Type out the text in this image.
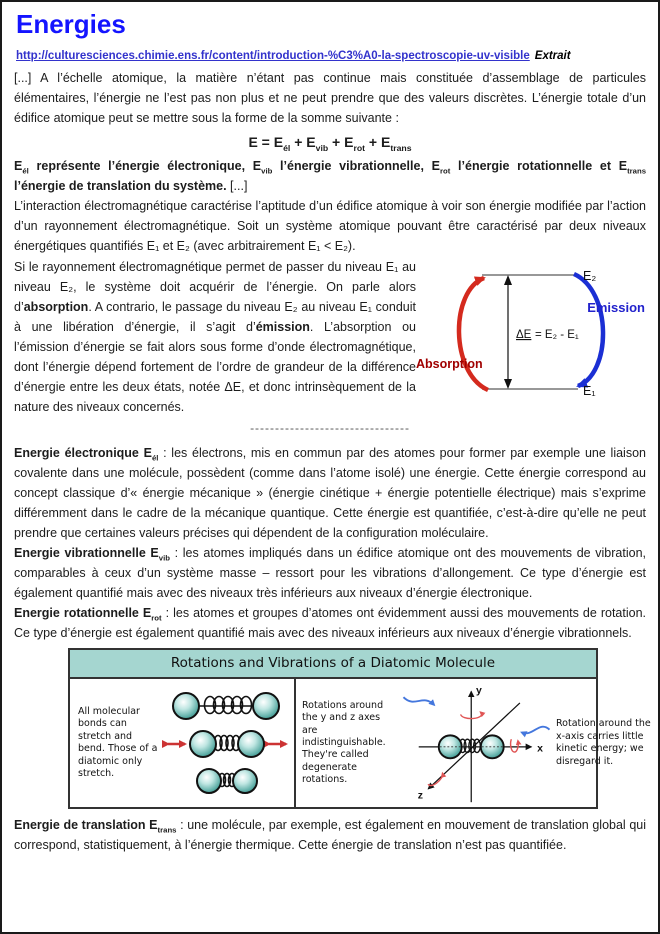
Energies
http://culturesciences.chimie.ens.fr/content/introduction-%C3%A0-la-spectroscopie-uv-visible Extrait

[...] A l’échelle atomique, la matière n’étant pas continue mais constituée d’assemblage de particules élémentaires, l’énergie ne l’est pas non plus et ne peut prendre que des valeurs discrètes. L’énergie totale d’un édifice atomique peut se mettre sous la forme de la somme suivante :

$E = E_{él} + E_{vib} + E_{rot} + E_{trans}$

$E_{él}$ représente l’énergie électronique, $E_{vib}$ l’énergie vibrationnelle, $E_{rot}$ l’énergie rotationnelle et $E_{trans}$ l’énergie de translation du système. [...]

L’interaction électromagnétique caractérise l’aptitude d’un édifice atomique à voir son énergie modifiée par l’action d’un rayonnement électromagnétique. Soit un système atomique pouvant être caractérisé par deux niveaux énergétiques quantifiés E₁ et E₂ (avec arbitrairement E₁ < E₂).

Si le rayonnement électromagnétique permet de passer du niveau E₁ au niveau E₂, le système doit acquérir de l’énergie. On parle alors d’absorption. A contrario, le passage du niveau E₂ au niveau E₁ conduit à une libération d’énergie, il s’agit d’émission. L’absorption ou l’émission d’énergie se fait alors sous forme d’onde électromagnétique, dont l’énergie dépend fortement de l’ordre de grandeur de la différence d’énergie entre les deux états, notée ΔE, et donc intrinsèquement de la nature des niveaux concernés.

E₂
E₁
ΔE = E₂ - E₁
Emission
Absorption
--------------------------------

Energie électronique $E_{él}$ : les électrons, mis en commun par des atomes pour former par exemple une liaison covalente dans une molécule, possèdent (comme dans l’atome isolé) une énergie. Cette énergie correspond au concept classique d’« énergie mécanique » (énergie cinétique + énergie potentielle électrique) mais s’exprime différemment dans le cadre de la mécanique quantique. Cette énergie est quantifiée, c’est-à-dire qu’elle ne peut prendre que certaines valeurs précises qui dépendent de la configuration moléculaire.

Energie vibrationnelle $E_{vib}$ : les atomes impliqués dans un édifice atomique ont des mouvements de vibration, comparables à ceux d’un système masse – ressort pour les vibrations d’allongement. Ce type d’énergie est également quantifié mais avec des niveaux très inférieurs aux niveaux d’énergie électronique.

Energie rotationnelle $E_{rot}$ : les atomes et groupes d’atomes ont évidemment aussi des mouvements de rotation. Ce type d’énergie est également quantifié mais avec des niveaux inférieurs aux niveaux d’énergie vibrationnels.

Rotations and Vibrations of a Diatomic Molecule
All molecular bonds can stretch and bend. Those of a diatomic only stretch.
Rotations around the y and z axes are indistinguishable. They're called degenerate rotations.
y
x
z
Rotation around the x-axis carries little kinetic energy; we disregard it.

Energie de translation $E_{trans}$ : une molécule, par exemple, est également en mouvement de translation global qui correspond, statistiquement, à l’énergie thermique. Cette énergie de translation n’est pas quantifiée.
